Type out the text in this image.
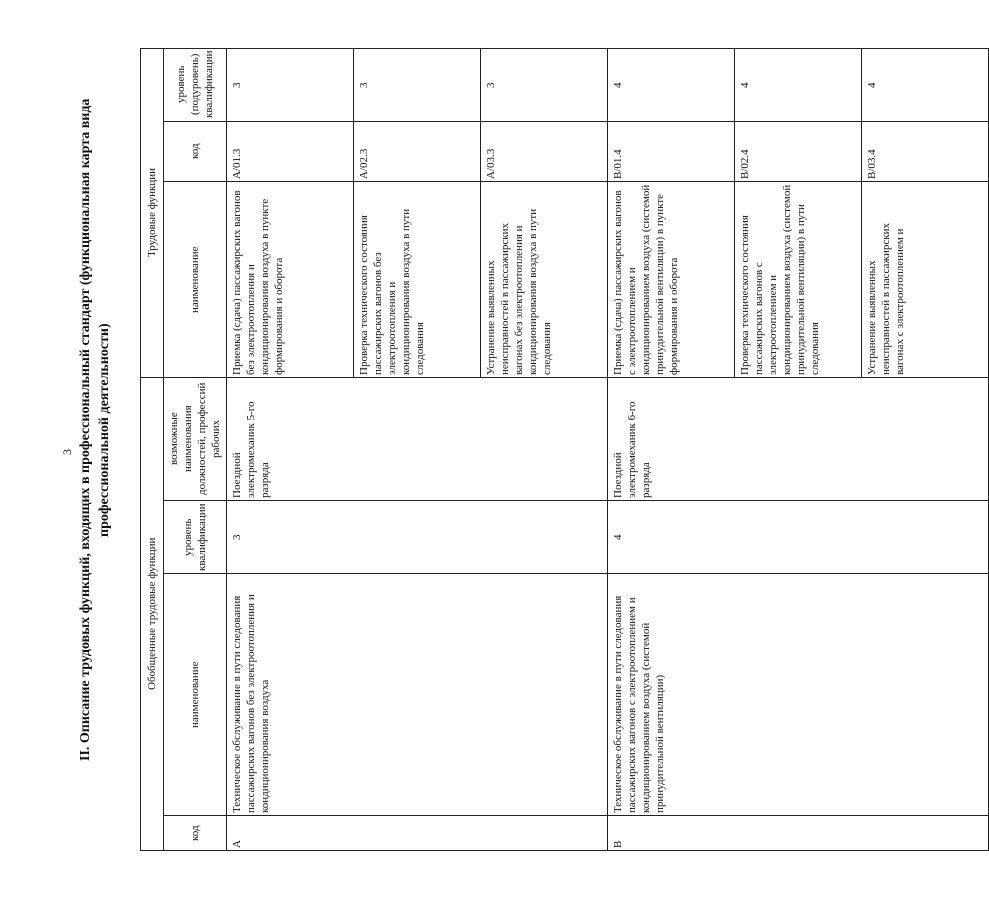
3 II. Описание трудовых функций, входящих в профессиональный стандарт (функциональная карта вида профессиональной деятельности)
Обобщенные трудовые функции	Трудовые функции
код	наименование	уровень квалификации	возможные наименования должностей, профессий рабочих	наименование	код	уровень (подуровень) квалификации
A	Техническое обслуживание в пути следования пассажирских вагонов без электроотопления и кондиционирования воздуха	3	Поездной электромеханик 5-го разряда	Приемка (сдача) пассажирских вагонов без электроотопления и кондиционирования воздуха в пункте формирования и оборота	A/01.3	3
Проверка технического состояния пассажирских вагонов без электроотопления и кондиционирования воздуха в пути следования	A/02.3	3
Устранение выявленных неисправностей в пассажирских вагонах без электроотопления и кондиционирования воздуха в пути следования	A/03.3	3
B	Техническое обслуживание в пути следования пассажирских вагонов с электроотоплением и кондиционированием воздуха (системой принудительной вентиляции)	4	Поездной электромеханик 6-го разряда	Приемка (сдача) пассажирских вагонов с электроотоплением и кондиционированием воздуха (системой принудительной вентиляции) в пункте формирования и оборота	B/01.4	4
Проверка технического состояния пассажирских вагонов с электроотоплением и кондиционированием воздуха (системой принудительной вентиляции) в пути следования	B/02.4	4
Устранение выявленных неисправностей в пассажирских вагонах с электроотоплением и	B/03.4	4
